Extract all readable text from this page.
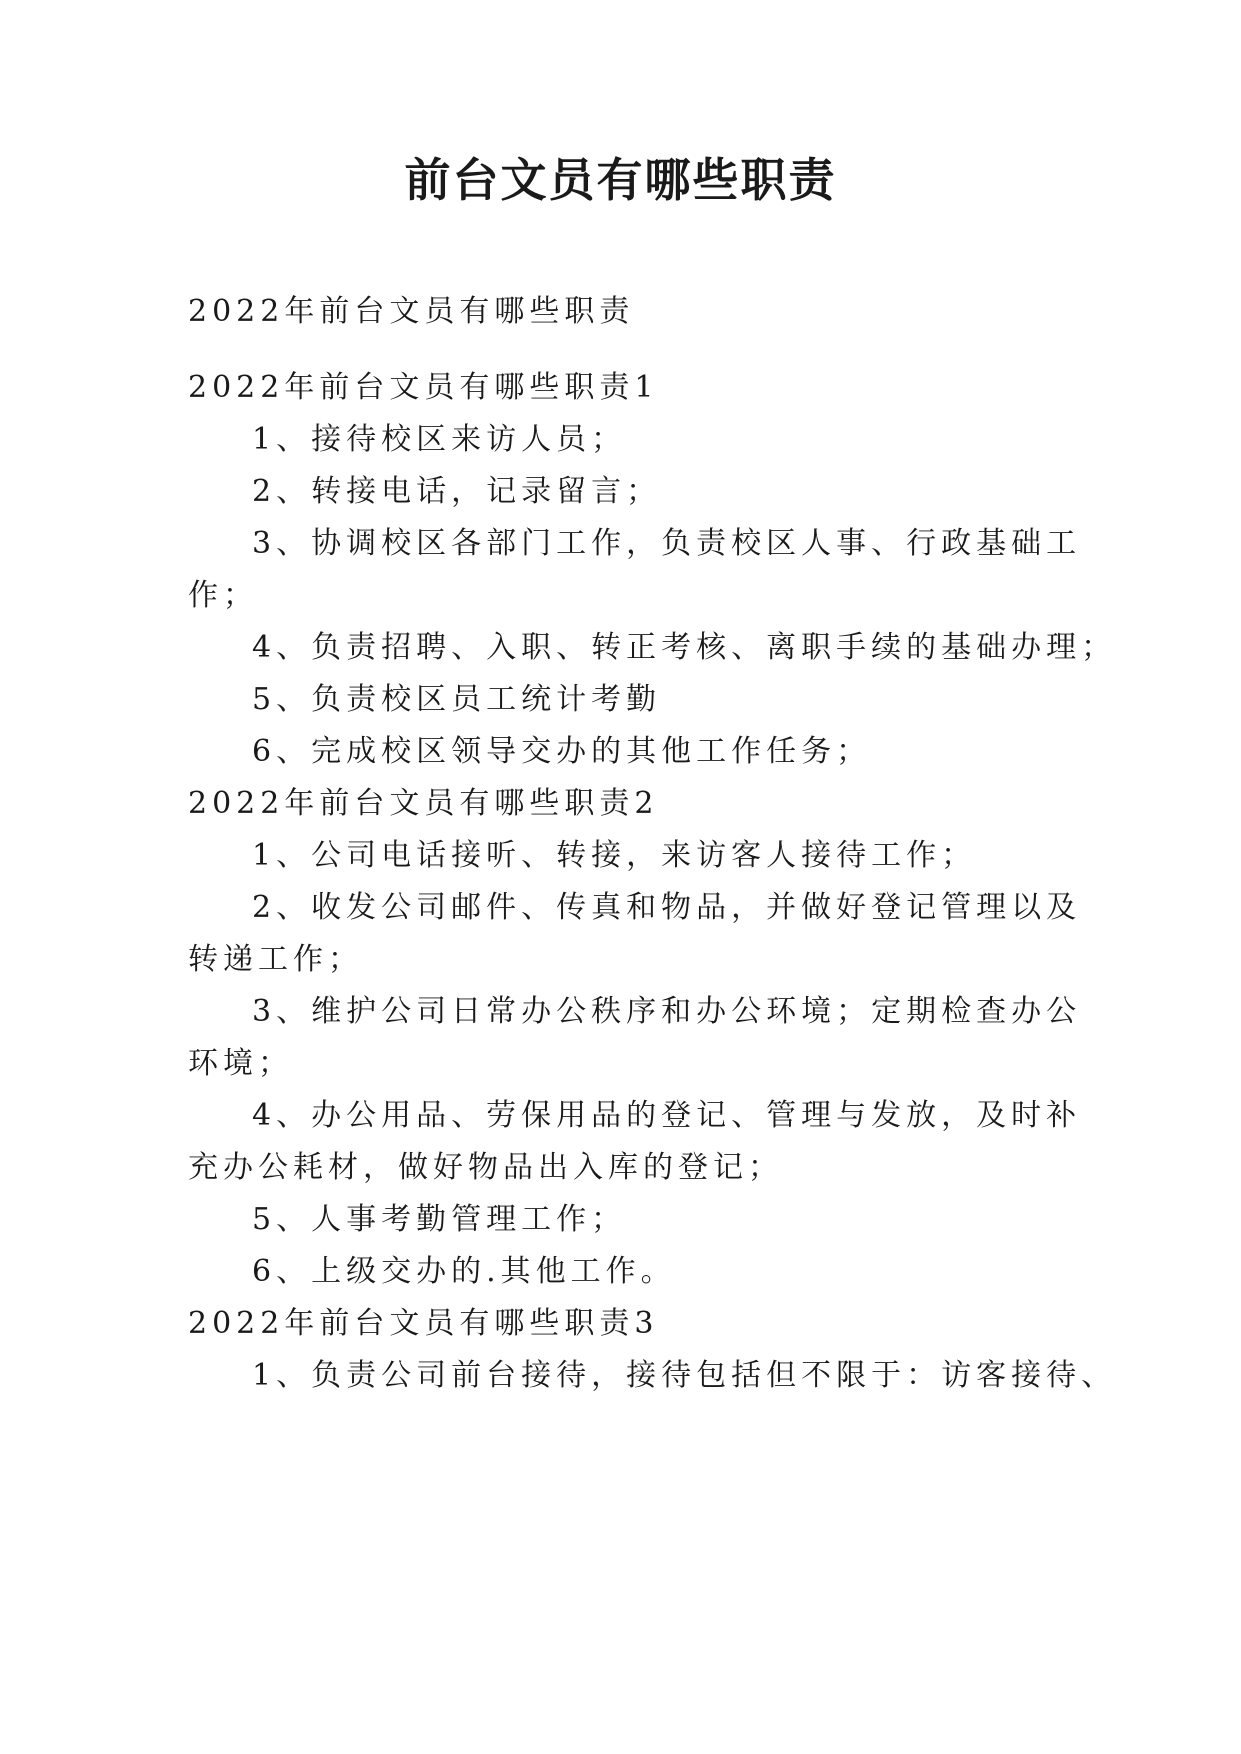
前台文员有哪些职责
2022年前台文员有哪些职责
2022年前台文员有哪些职责1
1、接待校区来访人员；
2、转接电话，记录留言；
3、协调校区各部门工作，负责校区人事、行政基础工
作；
4、负责招聘、入职、转正考核、离职手续的基础办理；
5、负责校区员工统计考勤
6、完成校区领导交办的其他工作任务；
2022年前台文员有哪些职责2
1、公司电话接听、转接，来访客人接待工作；
2、收发公司邮件、传真和物品，并做好登记管理以及
转递工作；
3、维护公司日常办公秩序和办公环境；定期检查办公
环境；
4、办公用品、劳保用品的登记、管理与发放，及时补
充办公耗材，做好物品出入库的登记；
5、人事考勤管理工作；
6、上级交办的.其他工作。
2022年前台文员有哪些职责3
1、负责公司前台接待，接待包括但不限于：访客接待、
